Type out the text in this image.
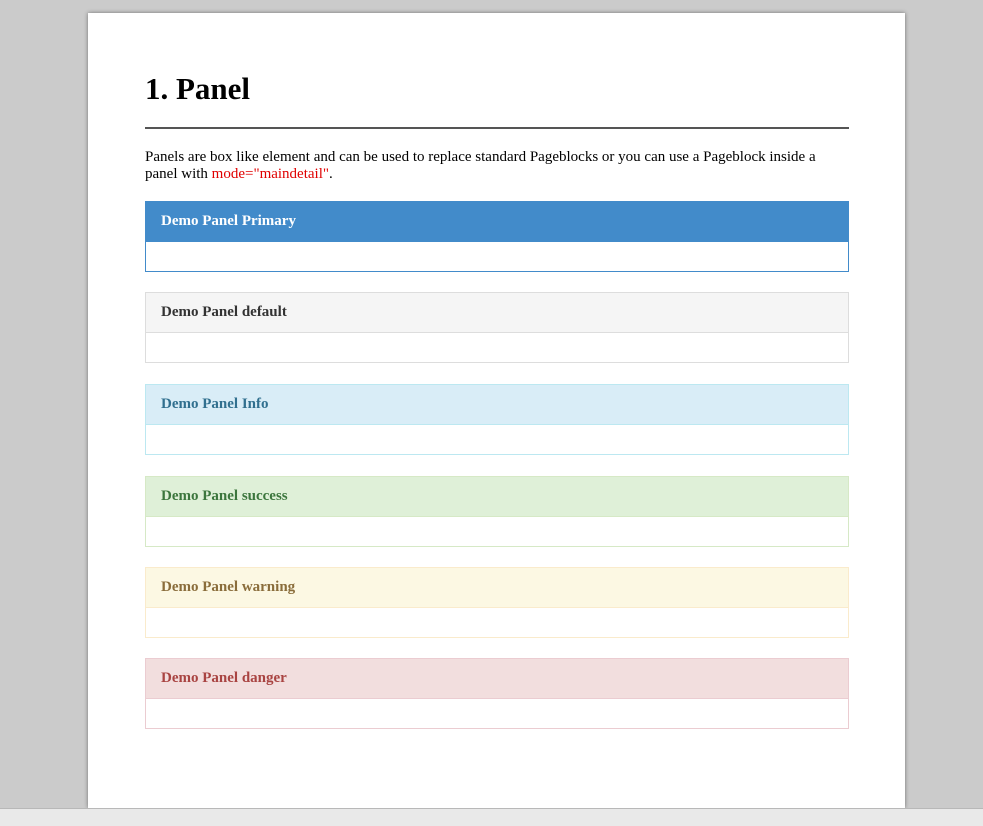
1. Panel

Panels are box like element and can be used to replace standard Pageblocks or you can use a Pageblock inside a panel with mode="maindetail".

Demo Panel Primary
Demo Panel default
Demo Panel Info
Demo Panel success
Demo Panel warning
Demo Panel danger
